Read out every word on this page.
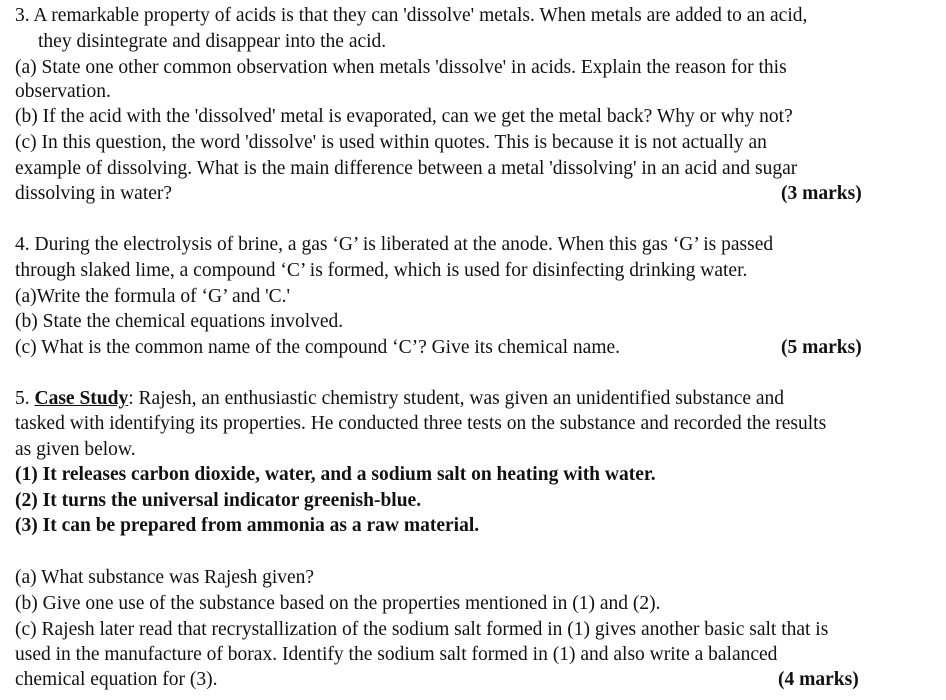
3. A remarkable property of acids is that they can 'dissolve' metals. When metals are added to an acid,
they disintegrate and disappear into the acid.
(a) State one other common observation when metals 'dissolve' in acids. Explain the reason for this
observation.
(b) If the acid with the 'dissolved' metal is evaporated, can we get the metal back? Why or why not?
(c) In this question, the word 'dissolve' is used within quotes. This is because it is not actually an
example of dissolving. What is the main difference between a metal 'dissolving' in an acid and sugar
dissolving in water?	(3 marks)
4. During the electrolysis of brine, a gas ‘G’ is liberated at the anode. When this gas ‘G’ is passed
through slaked lime, a compound ‘C’ is formed, which is used for disinfecting drinking water.
(a)Write the formula of ‘G’ and 'C.'
(b) State the chemical equations involved.
(c) What is the common name of the compound ‘C’? Give its chemical name.	(5 marks)
5. Case Study: Rajesh, an enthusiastic chemistry student, was given an unidentified substance and
tasked with identifying its properties. He conducted three tests on the substance and recorded the results
as given below.
(1) It releases carbon dioxide, water, and a sodium salt on heating with water.
(2) It turns the universal indicator greenish-blue.
(3) It can be prepared from ammonia as a raw material.
(a) What substance was Rajesh given?
(b) Give one use of the substance based on the properties mentioned in (1) and (2).
(c) Rajesh later read that recrystallization of the sodium salt formed in (1) gives another basic salt that is
used in the manufacture of borax. Identify the sodium salt formed in (1) and also write a balanced
chemical equation for (3).	(4 marks)
